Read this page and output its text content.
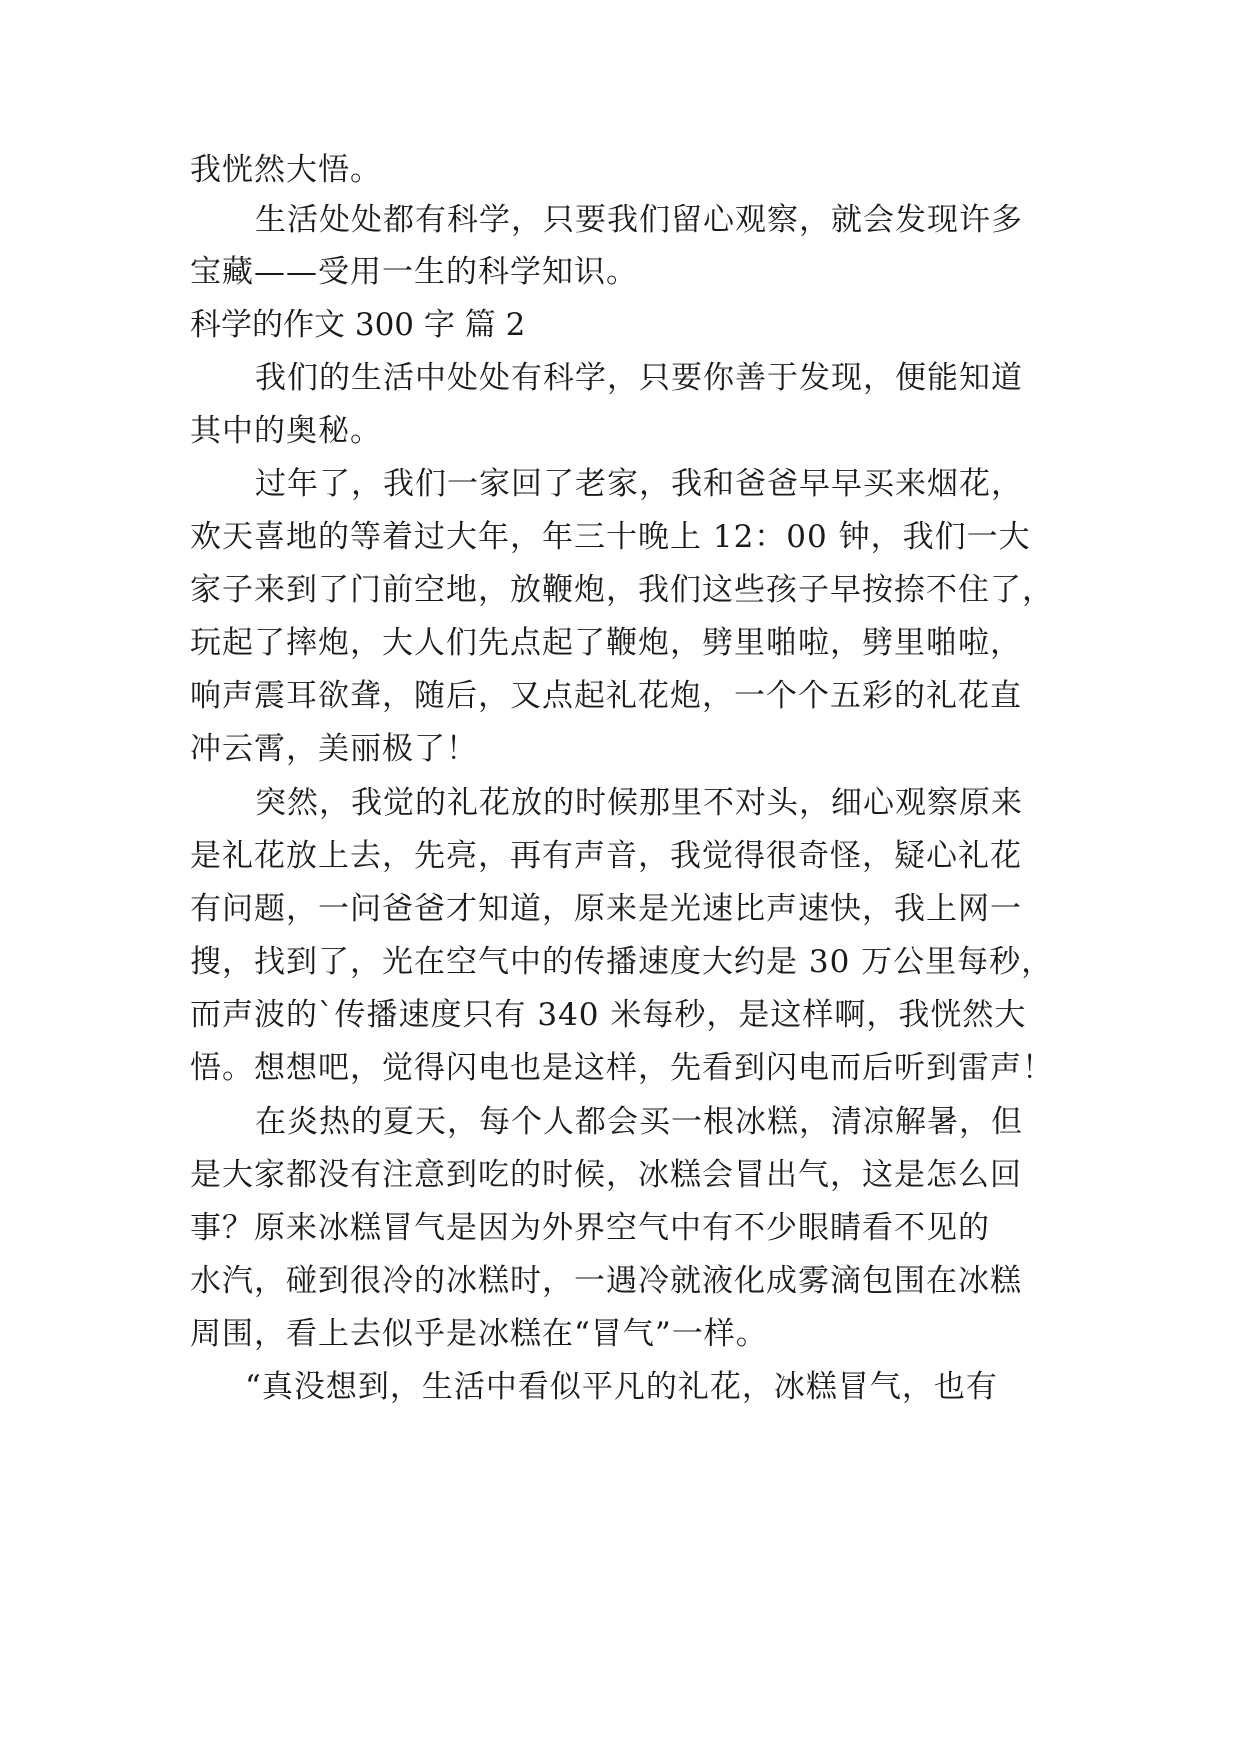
我恍然大悟。
生活处处都有科学，只要我们留心观察，就会发现许多
宝藏——受用一生的科学知识。
科学的作文 300 字 篇 2
我们的生活中处处有科学，只要你善于发现，便能知道
其中的奥秘。
过年了，我们一家回了老家，我和爸爸早早买来烟花，
欢天喜地的等着过大年，年三十晚上 12：00 钟，我们一大
家子来到了门前空地，放鞭炮，我们这些孩子早按捺不住了，
玩起了摔炮，大人们先点起了鞭炮，劈里啪啦，劈里啪啦，
响声震耳欲聋，随后，又点起礼花炮，一个个五彩的礼花直
冲云霄，美丽极了！
突然，我觉的礼花放的时候那里不对头，细心观察原来
是礼花放上去，先亮，再有声音，我觉得很奇怪，疑心礼花
有问题，一问爸爸才知道，原来是光速比声速快，我上网一
搜，找到了，光在空气中的传播速度大约是 30 万公里每秒，
而声波的`传播速度只有 340 米每秒，是这样啊，我恍然大
悟。想想吧，觉得闪电也是这样，先看到闪电而后听到雷声！
在炎热的夏天，每个人都会买一根冰糕，清凉解暑，但
是大家都没有注意到吃的时候，冰糕会冒出气，这是怎么回
事？原来冰糕冒气是因为外界空气中有不少眼睛看不见的
水汽，碰到很冷的冰糕时，一遇冷就液化成雾滴包围在冰糕
周围，看上去似乎是冰糕在“冒气”一样。
“真没想到，生活中看似平凡的礼花，冰糕冒气，也有
